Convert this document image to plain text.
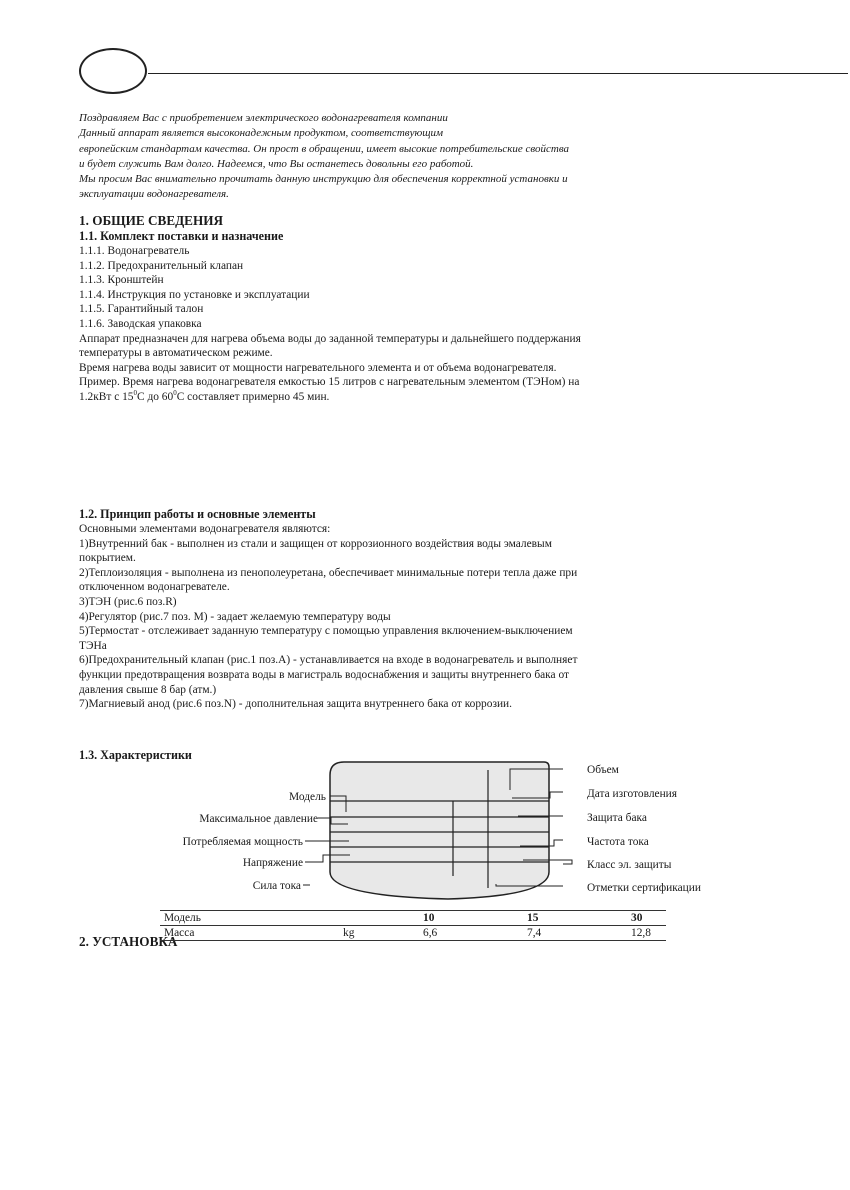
Поздравляем Вас с приобретением электрического водонагревателя компании

Данный аппарат является высоконадежным продуктом, соответствующим

европейским стандартам качества. Он прост в обращении, имеет высокие потребительские свойства

и будет служить Вам долго. Надеемся, что Вы останетесь довольны его работой.

Мы просим Вас внимательно прочитать данную инструкцию для обеспечения корректной установки и

эксплуатации водонагревателя.

1. ОБЩИЕ СВЕДЕНИЯ

1.1. Комплект поставки и назначение

1.1.1. Водонагреватель

1.1.2. Предохранительный клапан

1.1.3. Кронштейн

1.1.4. Инструкция по установке и эксплуатации

1.1.5. Гарантийный талон

1.1.6. Заводская упаковка

Аппарат предназначен для нагрева объема воды до заданной температуры и дальнейшего поддержания

температуры в автоматическом режиме.

Время нагрева воды зависит от мощности нагревательного элемента и от объема водонагревателя.

Пример. Время нагрева водонагревателя емкостью 15 литров с нагревательным элементом (ТЭНом) на

1.2кВт с $15^0С$ до $60^0С$ составляет примерно 45 мин.

1.2. Принцип работы и основные элементы

Основными элементами водонагревателя являются:

1)Внутренний бак - выполнен из стали и защищен от коррозионного воздействия воды эмалевым

покрытием.

2)Теплоизоляция - выполнена из пенополеуретана, обеспечивает минимальные потери тепла даже при

отключенном водонагревателе.

3)ТЭН (рис.6 поз.R)

4)Регулятор (рис.7 поз. М) - задает желаемую температуру воды

5)Термостат - отслеживает заданную температуру с помощью управления включением-выключением

ТЭНа

6)Предохранительный клапан (рис.1 поз.А) - устанавливается на входе в водонагреватель и выполняет

функции предотвращения возврата воды в магистраль водоснабжения и защиты внутреннего бака от

давления свыше 8 бар (атм.)

7)Магниевый анод (рис.6 поз.N) - дополнительная защита внутреннего бака от коррозии.

1.3. Характеристики

2. УСТАНОВКА

Модель
Максимальное давление
Потребляемая мощность
Напряжение
Сила тока
Объем
Дата изготовления
Защита бака
Частота тока
Класс эл. защиты
Отметки сертификации
Модель		10	15	30
Масса	kg	6,6	7,4	12,8
